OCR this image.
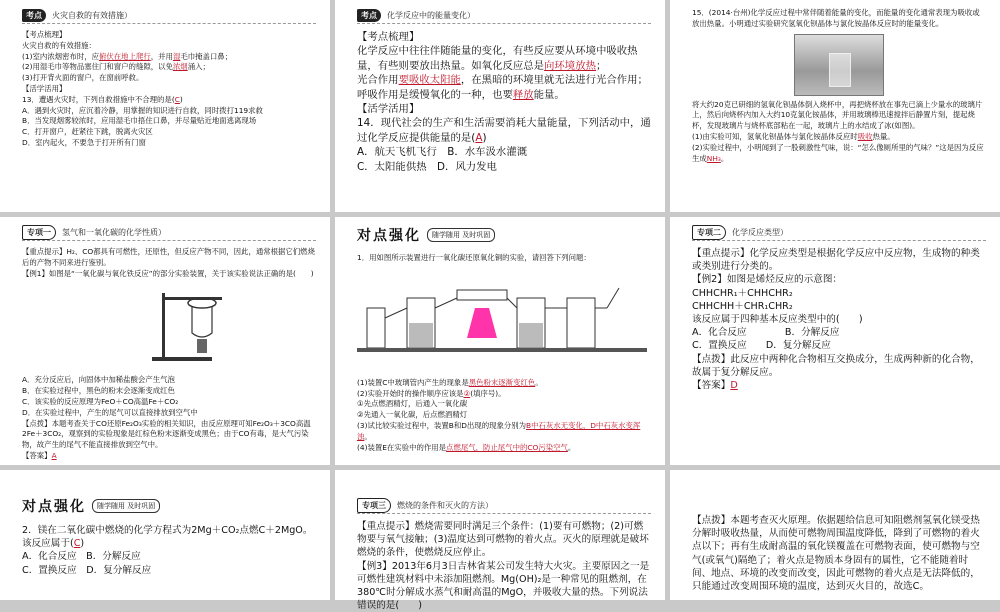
考点	火灾自救的有效措施）

【考点梳理】

火灾自救的有效措施：

(1)室内浓烟密布时，应俯伏在地上爬行，并用湿毛巾掩盖口鼻；

(2)用湿毛巾等物品塞住门和窗户的缝隙，以免浓烟涌入；

(3)打开背火面的窗户，在窗前呼救。

【活学活用】

13．遭遇火灾时，下列自救措施中不合理的是(C)

A．遇到火灾时，应沉着冷静，用掌握的知识进行自救，同时拨打119求救

B．当发现烟雾较浓时，应用湿毛巾捂住口鼻，并尽量贴近地面逃离现场

C．打开窗户，赶紧往下跳，脱离火灾区

D．室内起火，不要急于打开所有门窗

考点	化学反应中的能量变化）

【考点梳理】

化学反应中往往伴随能量的变化，有些反应要从环境中吸收热量，有些则要放出热量。如氧化反应总是向环境放热；

光合作用要吸收太阳能，在黑暗的环境里就无法进行光合作用；呼吸作用是缓慢氧化的一种，也要释放能量。

【活学活用】

14．现代社会的生产和生活需要消耗大量能量，下列活动中，通过化学反应提供能量的是(A)

A．航天飞机飞行　B．水车汲水灌溉

C．太阳能供热　D．风力发电

15．(2014·台州)化学反应过程中常伴随着能量的变化，而能量的变化通常表现为吸收或放出热量。小明通过实验研究氢氧化钡晶体与氯化铵晶体反应时的能量变化。

将大约20克已研细的氢氧化钡晶体倒入烧杯中，再把烧杯放在事先已滴上少量水的玻璃片上，然后向烧杯内加入大约10克氯化铵晶体，并用玻璃棒迅速搅拌后静置片刻，提起烧杯，发现玻璃片与烧杯底部粘在一起，玻璃片上的水结成了冰(如图)。

(1)由实验可知，氢氧化钡晶体与氯化铵晶体反应时吸收热量。

(2)实验过程中，小明闻到了一股刺激性气味，说：“怎么像厕所里的气味？”这是因为反应生成NH₃。

专项一	氢气和一氧化碳的化学性质）

【重点提示】H₂、CO都具有可燃性，还原性，但反应产物不同，因此，通常根据它们燃烧后的产物不同来进行鉴别。

【例1】如图是“一氧化碳与氧化铁反应”的部分实验装置，关于该实验说法正确的是(　　)

A．充分反应后，向固体中加稀盐酸会产生气泡

B．在实验过程中，黑色的粉末会逐渐变成红色

C．该实验的反应原理为FeO＋CO高温Fe＋CO₂

D．在实验过程中，产生的尾气可以直接排放到空气中

【点拨】本题考查关于CO还原Fe₂O₃实验的相关知识，由反应原理可知Fe₂O₃＋3CO高温2Fe＋3CO₂，观察到的实验现象是红棕色粉末逐渐变成黑色；由于CO有毒，是大气污染物，故产生的尾气不能直接排放到空气中。

【答案】A

对点强化	随学随用 及时巩固

1．用如图所示装置进行一氧化碳还原氧化铜的实验，请回答下列问题：

(1)装置C中玻璃管内产生的现象是黑色粉末逐渐变红色。

(2)实验开始时的操作顺序应该是②(填序号)。

①先点燃酒精灯，后通入一氧化碳

②先通入一氧化碳，后点燃酒精灯

(3)试比较实验过程中，装置B和D出现的现象分别为B中石灰水无变化，D中石灰水变浑浊。

(4)装置E在实验中的作用是点燃尾气，防止尾气中的CO污染空气。

专项二	化学反应类型）

【重点提示】化学反应类型是根据化学反应中反应物，生成物的种类或类别进行分类的。

【例2】如图是烯烃反应的示意图：

CHHCHR₁＋CHHCHR₂

CHHCHH＋CHR₁CHR₂

该反应属于四种基本反应类型中的(　　)

A．化合反应　　　　B．分解反应

C．置换反应　　D．复分解反应

【点拨】此反应中两种化合物相互交换成分，生成两种新的化合物，故属于复分解反应。

【答案】D

对点强化	随学随用 及时巩固

2．镁在二氧化碳中燃烧的化学方程式为2Mg＋CO₂点燃C＋2MgO。该反应属于(C)

A．化合反应　B．分解反应

C．置换反应　D．复分解反应

专项三	燃烧的条件和灭火的方法）

【重点提示】燃烧需要同时满足三个条件：(1)要有可燃物；(2)可燃物要与氧气接触；(3)温度达到可燃物的着火点。灭火的原理就是破坏燃烧的条件，使燃烧反应停止。

【例3】2013年6月3日吉林省某公司发生特大火灾。主要原因之一是可燃性建筑材料中未添加阻燃剂。Mg(OH)₂是一种常见的阻燃剂，在380℃时分解成水蒸气和耐高温的MgO，并吸收大量的热。下列说法错误的是(　　)

【点拨】本题考查灭火原理。依据题给信息可知阻燃剂氢氧化镁受热分解时吸收热量，从而使可燃物周围温度降低，降到了可燃物的着火点以下；再有生成耐高温的氧化镁覆盖在可燃物表面，使可燃物与空气(或氧气)隔绝了；着火点是物质本身固有的属性，它不能随着时间、地点、环境的改变而改变，因此可燃物的着火点是无法降低的，只能通过改变周围环境的温度，达到灭火目的，故选C。
